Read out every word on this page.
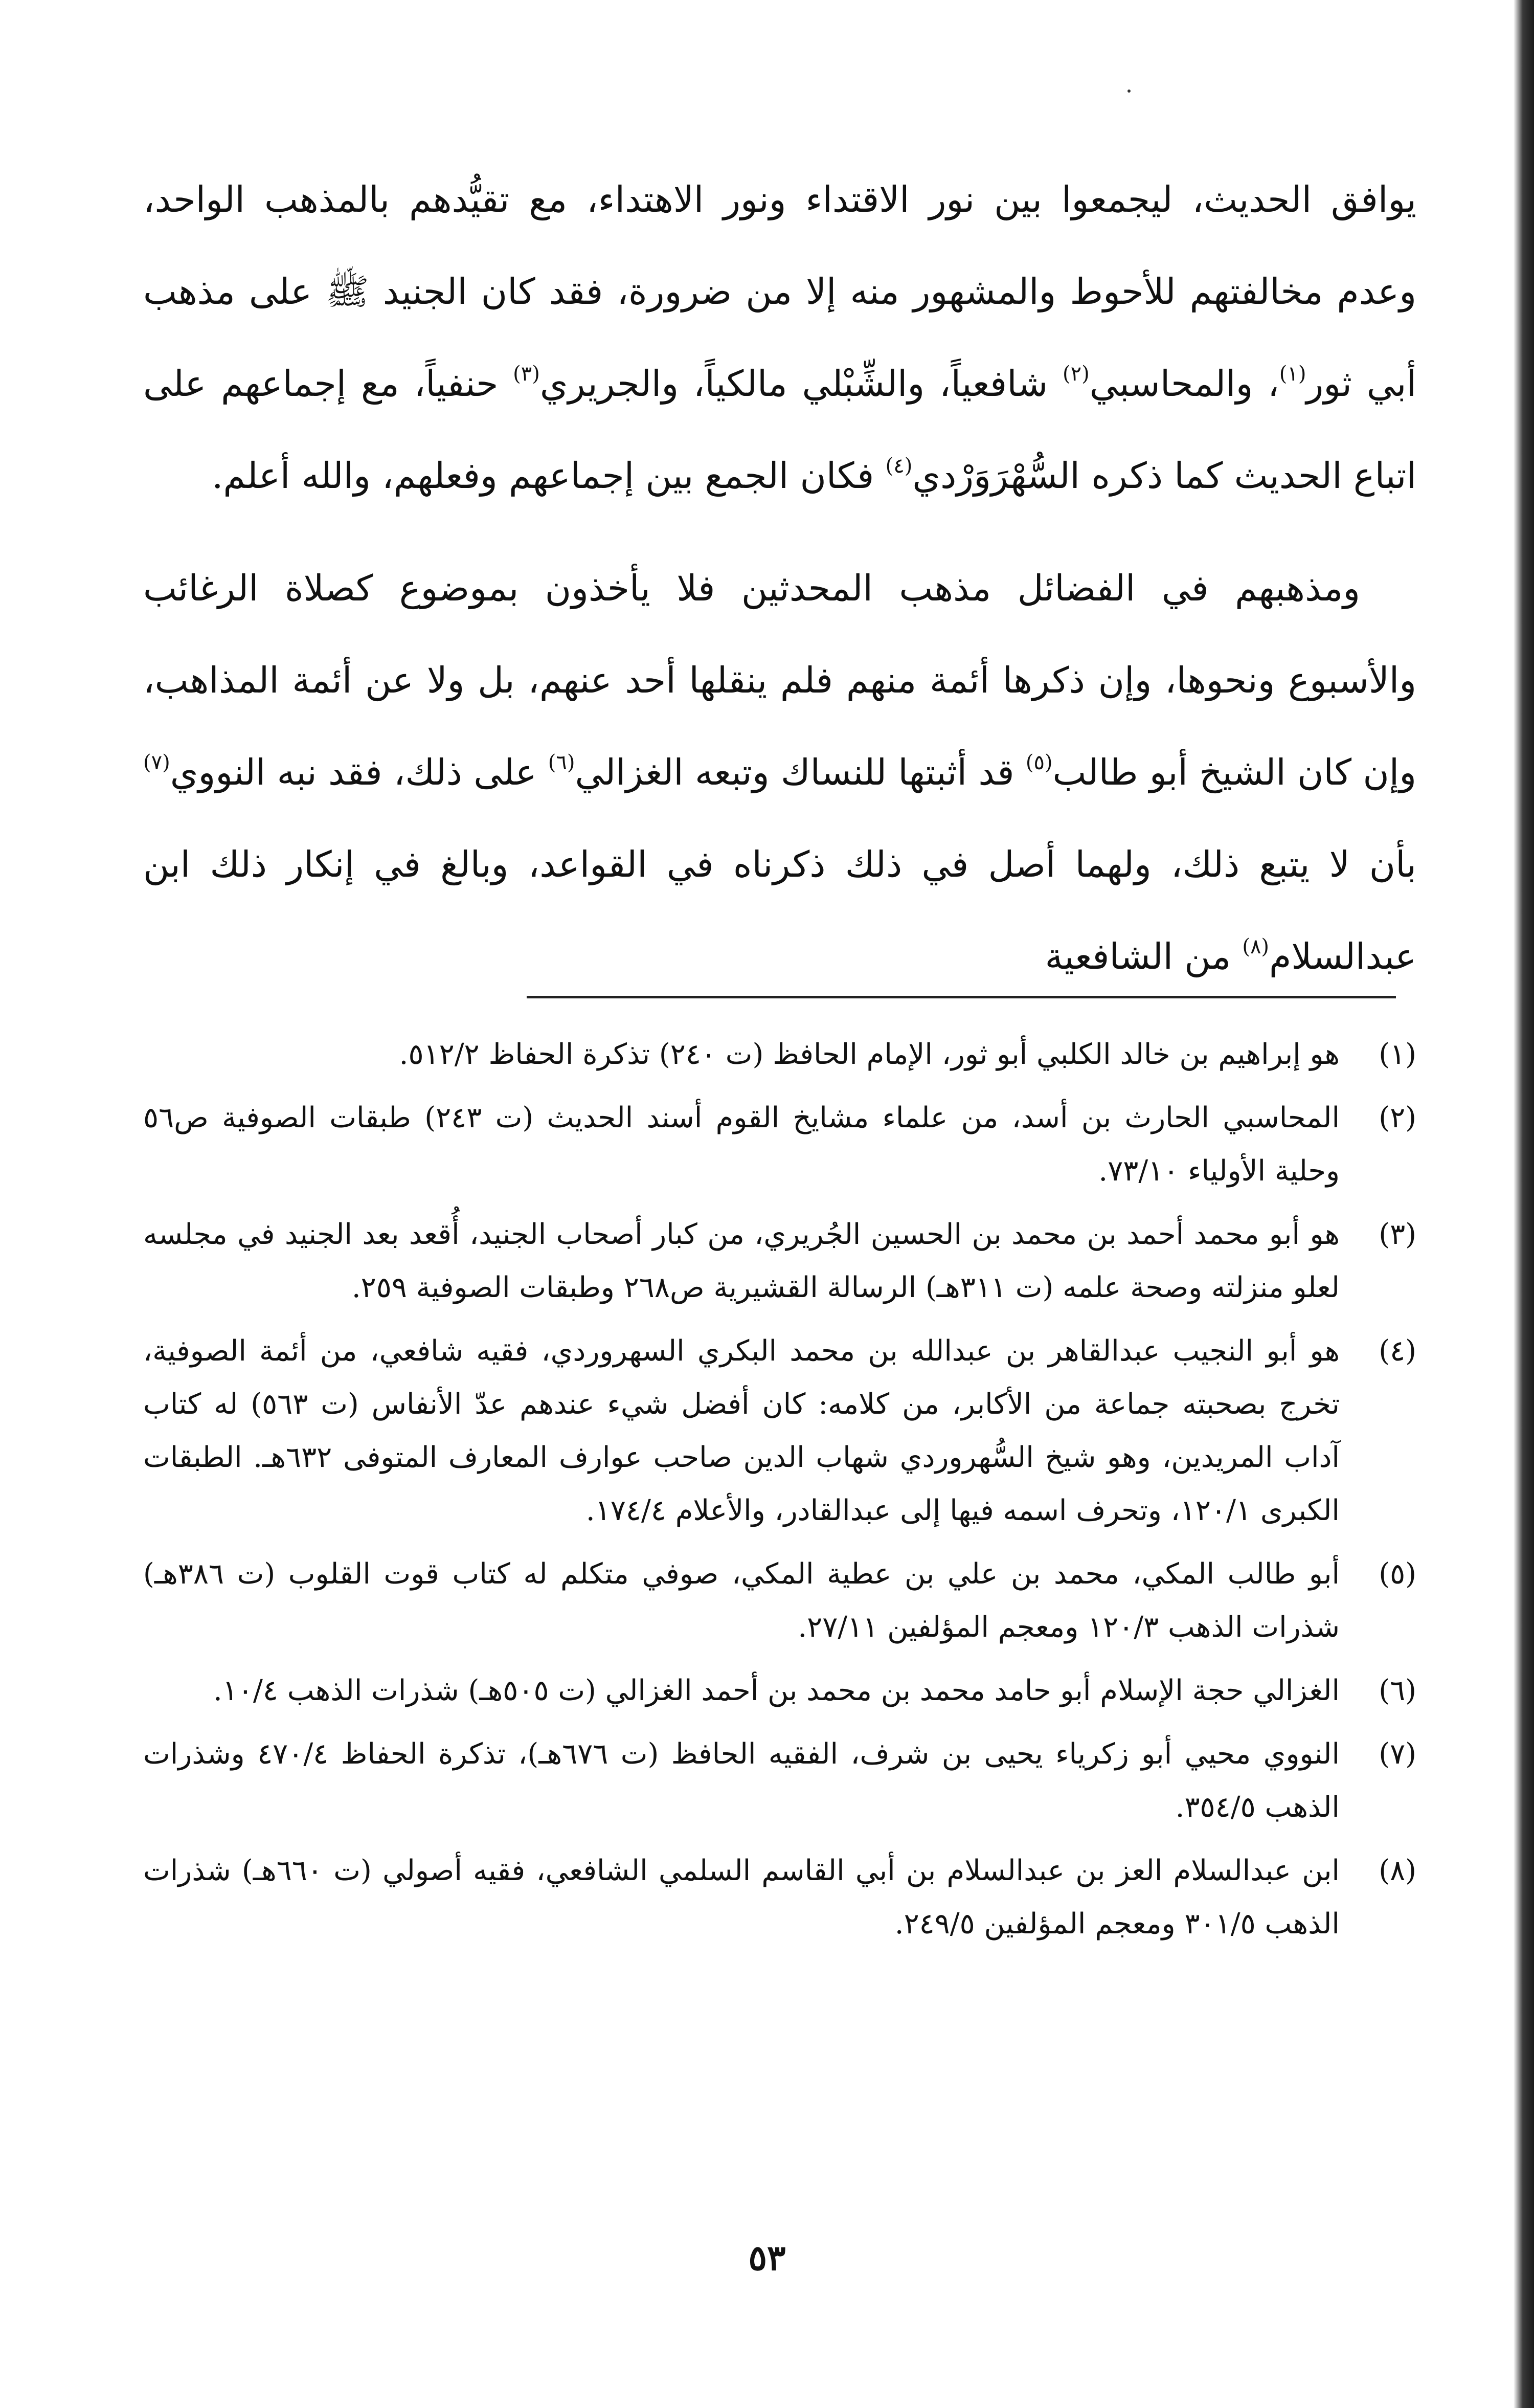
يوافق الحديث، ليجمعوا بين نور الاقتداء ونور الاهتداء، مع تقيُّدهم بالمذهب الواحد، وعدم مخالفتهم للأحوط والمشهور منه إلا من ضرورة، فقد كان الجنيد ﷺ على مذهب أبي ثور$^{(١)}$، والمحاسبي$^{(٢)}$ شافعياً، والشِّبْلي مالكياً، والجريري$^{(٣)}$ حنفياً، مع إجماعهم على اتباع الحديث كما ذكره السُّهْرَوَرْدي$^{(٤)}$ فكان الجمع بين إجماعهم وفعلهم، والله أعلم.

ومذهبهم في الفضائل مذهب المحدثين فلا يأخذون بموضوع كصلاة الرغائب والأسبوع ونحوها، وإن ذكرها أئمة منهم فلم ينقلها أحد عنهم، بل ولا عن أئمة المذاهب، وإن كان الشيخ أبو طالب$^{(٥)}$ قد أثبتها للنساك وتبعه الغزالي$^{(٦)}$ على ذلك، فقد نبه النووي$^{(٧)}$ بأن لا يتبع ذلك، ولهما أصل في ذلك ذكرناه في القواعد، وبالغ في إنكار ذلك ابن عبدالسلام$^{(٨)}$ من الشافعية

(١)
هو إبراهيم بن خالد الكلبي أبو ثور، الإمام الحافظ (ت ٢٤٠) تذكرة الحفاظ ٥١٢/٢.
(٢)
المحاسبي الحارث بن أسد، من علماء مشايخ القوم أسند الحديث (ت ٢٤٣) طبقات الصوفية ص٥٦ وحلية الأولياء ٧٣/١٠.
(٣)
هو أبو محمد أحمد بن محمد بن الحسين الجُريري، من كبار أصحاب الجنيد، أُقعد بعد الجنيد في مجلسه لعلو منزلته وصحة علمه (ت ٣١١هـ) الرسالة القشيرية ص٢٦٨ وطبقات الصوفية ٢٥٩.
(٤)
هو أبو النجيب عبدالقاهر بن عبدالله بن محمد البكري السهروردي، فقيه شافعي، من أئمة الصوفية، تخرج بصحبته جماعة من الأكابر، من كلامه: كان أفضل شيء عندهم عدّ الأنفاس (ت ٥٦٣) له كتاب آداب المريدين، وهو شيخ السُّهروردي شهاب الدين صاحب عوارف المعارف المتوفى ٦٣٢هـ. الطبقات الكبرى ١٢٠/١، وتحرف اسمه فيها إلى عبدالقادر، والأعلام ١٧٤/٤.
(٥)
أبو طالب المكي، محمد بن علي بن عطية المكي، صوفي متكلم له كتاب قوت القلوب (ت ٣٨٦هـ) شذرات الذهب ١٢٠/٣ ومعجم المؤلفين ٢٧/١١.
(٦)
الغزالي حجة الإسلام أبو حامد محمد بن محمد بن أحمد الغزالي (ت ٥٠٥هـ) شذرات الذهب ١٠/٤.
(٧)
النووي محيي أبو زكرياء يحيى بن شرف، الفقيه الحافظ (ت ٦٧٦هـ)، تذكرة الحفاظ ٤٧٠/٤ وشذرات الذهب ٣٥٤/٥.
(٨)
ابن عبدالسلام العز بن عبدالسلام بن أبي القاسم السلمي الشافعي، فقيه أصولي (ت ٦٦٠هـ) شذرات الذهب ٣٠١/٥ ومعجم المؤلفين ٢٤٩/٥.
٥٣
